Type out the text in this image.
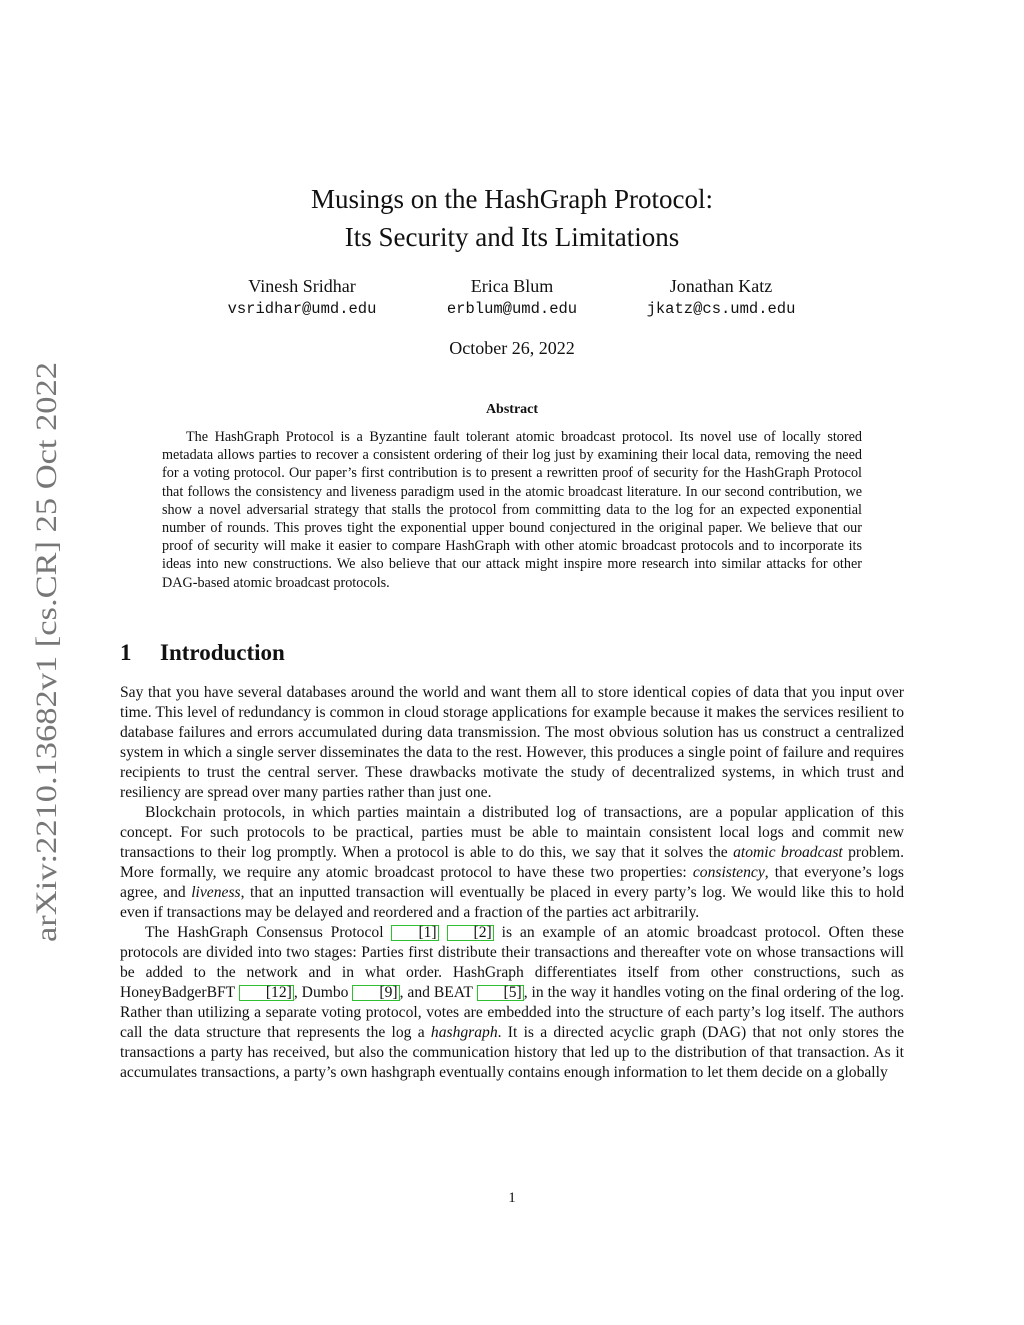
arXiv:2210.13682v1 [cs.CR] 25 Oct 2022
Musings on the HashGraph Protocol:
Its Security and Its Limitations
Vinesh Sridhar
vsridhar@umd.edu
Erica Blum
erblum@umd.edu
Jonathan Katz
jkatz@cs.umd.edu
October 26, 2022
Abstract

The HashGraph Protocol is a Byzantine fault tolerant atomic broadcast protocol. Its novel use of locally stored metadata allows parties to recover a consistent ordering of their log just by examining their local data, removing the need for a voting protocol. Our paper’s first contribution is to present a rewritten proof of security for the HashGraph Protocol that follows the consistency and liveness paradigm used in the atomic broadcast literature. In our second contribution, we show a novel adversarial strategy that stalls the protocol from committing data to the log for an expected exponential number of rounds. This proves tight the exponential upper bound conjectured in the original paper. We believe that our proof of security will make it easier to compare HashGraph with other atomic broadcast protocols and to incorporate its ideas into new constructions. We also believe that our attack might inspire more research into similar attacks for other DAG-based atomic broadcast protocols.

1 Introduction

Say that you have several databases around the world and want them all to store identical copies of data that you input over time. This level of redundancy is common in cloud storage applications for example because it makes the services resilient to database failures and errors accumulated during data transmission. The most obvious solution has us construct a centralized system in which a single server disseminates the data to the rest. However, this produces a single point of failure and requires recipients to trust the central server. These drawbacks motivate the study of decentralized systems, in which trust and resiliency are spread over many parties rather than just one.

Blockchain protocols, in which parties maintain a distributed log of transactions, are a popular application of this concept. For such protocols to be practical, parties must be able to maintain consistent local logs and commit new transactions to their log promptly. When a protocol is able to do this, we say that it solves the atomic broadcast problem. More formally, we require any atomic broadcast protocol to have these two properties: consistency, that everyone’s logs agree, and liveness, that an inputted transaction will eventually be placed in every party’s log. We would like this to hold even if transactions may be delayed and reordered and a fraction of the parties act arbitrarily.

The HashGraph Consensus Protocol [1] [2] is an example of an atomic broadcast protocol. Often these protocols are divided into two stages: Parties first distribute their transactions and thereafter vote on whose transactions will be added to the network and in what order. HashGraph differentiates itself from other constructions, such as HoneyBadgerBFT [12] , Dumbo [9] , and BEAT [5] , in the way it handles voting on the final ordering of the log. Rather than utilizing a separate voting protocol, votes are embedded into the structure of each party’s log itself. The authors call the data structure that represents the log a hashgraph. It is a directed acyclic graph (DAG) that not only stores the transactions a party has received, but also the communication history that led up to the distribution of that transaction. As it accumulates transactions, a party’s own hashgraph eventually contains enough information to let them decide on a globally

1
